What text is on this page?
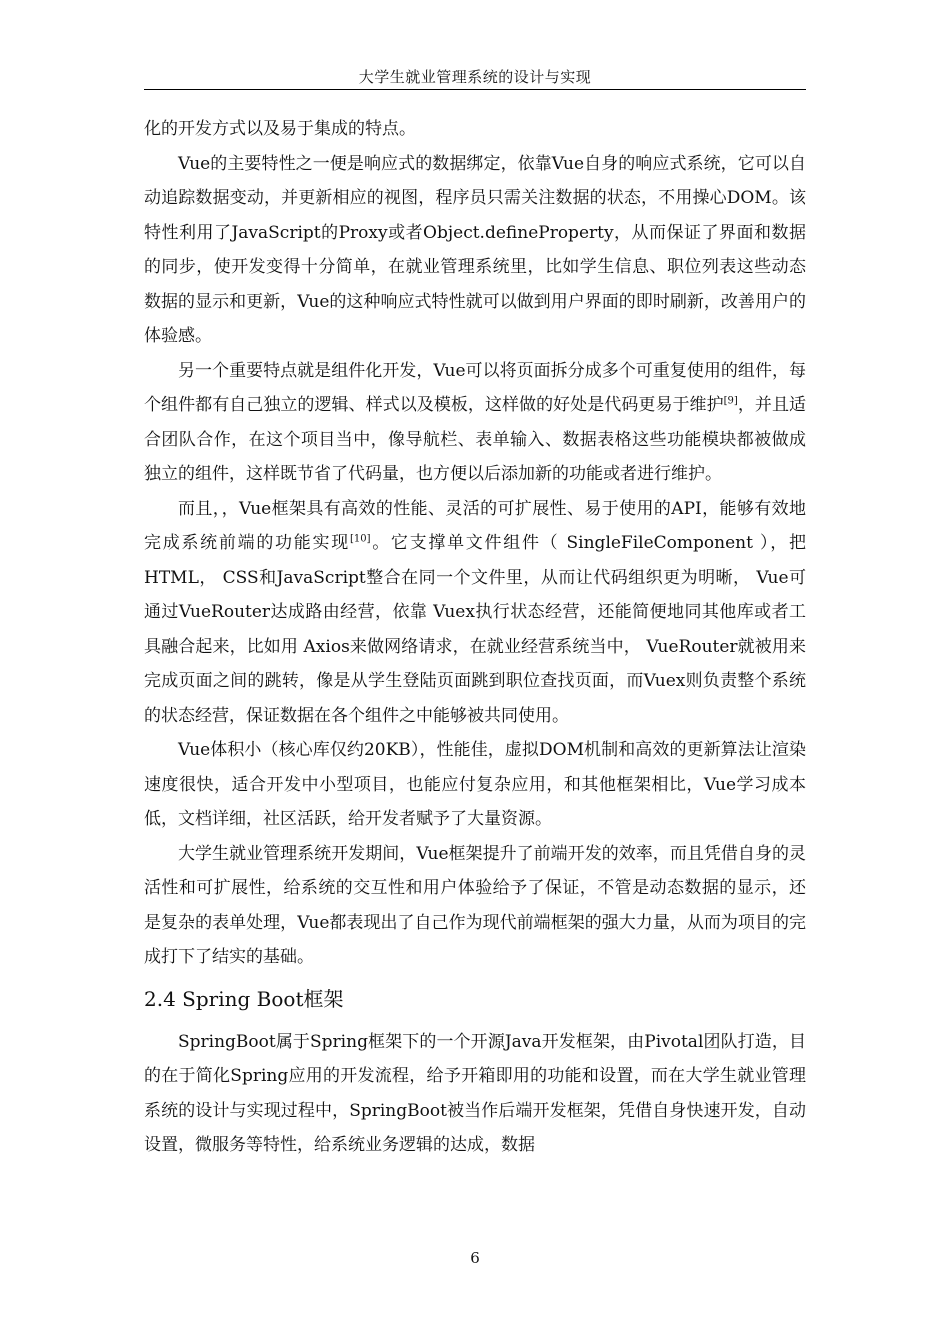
大学生就业管理系统的设计与实现

化的开发方式以及易于集成的特点。

Vue的主要特性之一便是响应式的数据绑定，依靠Vue自身的响应式系统，它可以自动追踪数据变动，并更新相应的视图，程序员只需关注数据的状态，不用操心DOM。该特性利用了JavaScript的Proxy或者Object.defineProperty，从而保证了界面和数据的同步，使开发变得十分简单，在就业管理系统里，比如学生信息、职位列表这些动态数据的显示和更新，Vue的这种响应式特性就可以做到用户界面的即时刷新，改善用户的体验感。

另一个重要特点就是组件化开发，Vue可以将页面拆分成多个可重复使用的组件，每个组件都有自己独立的逻辑、样式以及模板，这样做的好处是代码更易于维护[9]，并且适合团队合作，在这个项目当中，像导航栏、表单输入、数据表格这些功能模块都被做成独立的组件，这样既节省了代码量，也方便以后添加新的功能或者进行维护。

而且，，Vue框架具有高效的性能、灵活的可扩展性、易于使用的API，能够有效地完成系统前端的功能实现[10]。它支撑单文件组件（ SingleFileComponent ），把 HTML， CSS和JavaScript整合在同一个文件里，从而让代码组织更为明晰， Vue可通过VueRouter达成路由经营，依靠 Vuex执行状态经营，还能简便地同其他库或者工具融合起来，比如用 Axios来做网络请求，在就业经营系统当中， VueRouter就被用来完成页面之间的跳转，像是从学生登陆页面跳到职位查找页面，而Vuex则负责整个系统的状态经营，保证数据在各个组件之中能够被共同使用。

Vue体积小（核心库仅约20KB），性能佳，虚拟DOM机制和高效的更新算法让渲染速度很快，适合开发中小型项目，也能应付复杂应用，和其他框架相比，Vue学习成本低，文档详细，社区活跃，给开发者赋予了大量资源。

大学生就业管理系统开发期间，Vue框架提升了前端开发的效率，而且凭借自身的灵活性和可扩展性，给系统的交互性和用户体验给予了保证，不管是动态数据的显示，还是复杂的表单处理，Vue都表现出了自己作为现代前端框架的强大力量，从而为项目的完成打下了结实的基础。

2.4 Spring Boot框架

SpringBoot属于Spring框架下的一个开源Java开发框架，由Pivotal团队打造，目的在于简化Spring应用的开发流程，给予开箱即用的功能和设置，而在大学生就业管理系统的设计与实现过程中，SpringBoot被当作后端开发框架，凭借自身快速开发，自动设置，微服务等特性，给系统业务逻辑的达成，数据

6
